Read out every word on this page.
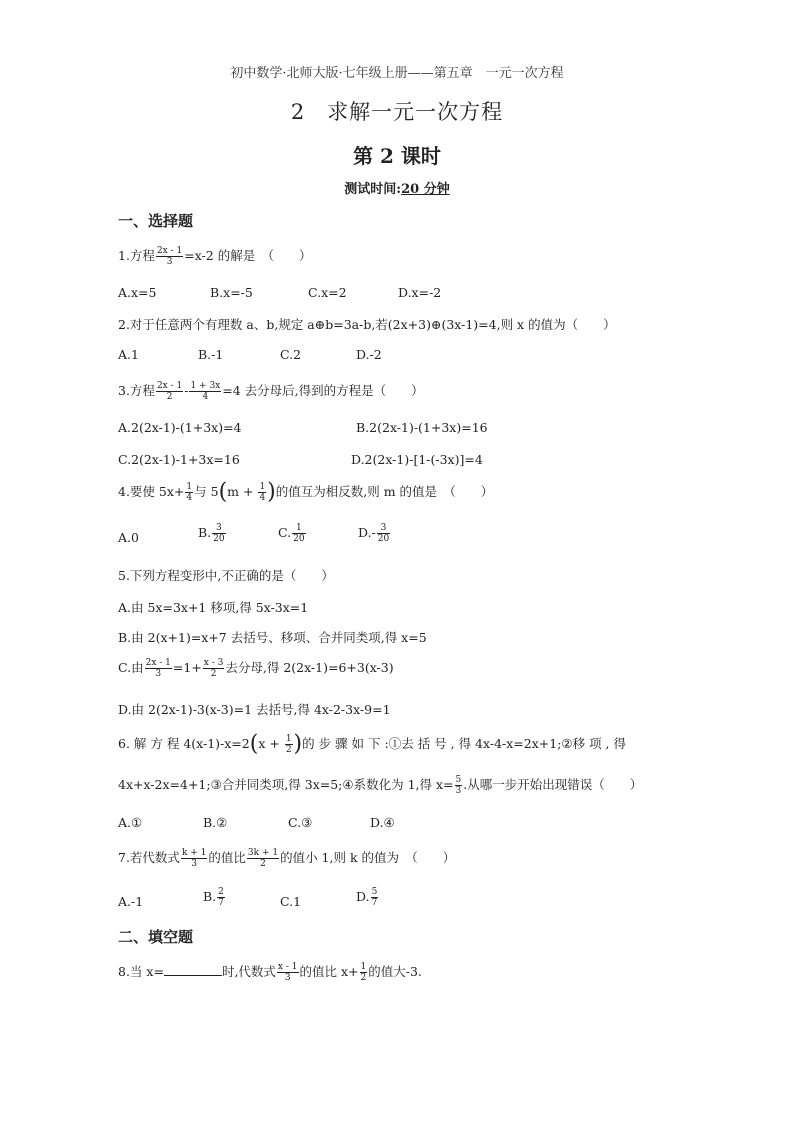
初中数学·北师大版·七年级上册——第五章　一元一次方程
2　求解一元一次方程
第 2 课时
测试时间:20 分钟
一、选择题
1.方程 $\frac{2x - 1}{3} =x-2$ 的解是　（　　）
A.x=5	B.x=-5	C.x=2	D.x=-2
2.对于任意两个有理数 a、b,规定 a⊕b=3a-b,若(2x+3)⊕(3x-1)=4,则 x 的值为（　　）
A.1	B.-1	C.2	D.-2
3.方程 $\frac{2x - 1}{2} - \frac{1 + 3x}{4} =4$ 去分母后,得到的方程是（　　）
A.2(2x-1)-(1+3x)=4	B.2(2x-1)-(1+3x)=16
C.2(2x-1)-1+3x=16	D.2(2x-1)-[1-(-3x)]=4
4.要使 $5x+ \frac{1}{4}$ 与 $5(m + \frac{1}{4}$ )的值互为相反数,则 m 的值是　（　　）
A.0	B. $\frac{3}{20}$	C. $\frac{1}{20}$	$D.- \frac{3}{20}$
5.下列方程变形中,不正确的是（　　）
A.由 5x=3x+1 移项,得 5x-3x=1
B.由 2(x+1)=x+7 去括号、移项、合并同类项,得 x=5
C.由 $\frac{2x - 1}{3} =1+ \frac{x - 3}{2}$ 去分母,得 2(2x-1)=6+3(x-3)
D.由 2(2x-1)-3(x-3)=1 去括号,得 4x-2-3x-9=1
6. 解 方 程 $4(x-1)-x=2(x + \frac{1}{2}$ )的 步 骤 如 下 :①去 括 号 , 得 4x-4-x=2x+1;②移 项 , 得
4x+x-2x=4+1;③合并同类项,得 3x=5;④系数化为 1,得 $x= \frac{5}{3}$ .从哪一步开始出现错误（　　）
A.①	B.②	C.③	D.④
7.若代数式 $\frac{k + 1}{3}$ 的值比 $\frac{3k + 1}{2}$ 的值小 1,则 k 的值为　（　　）
A.-1	B. $\frac{2}{7}$	C.1	D. $\frac{5}{7}$
二、填空题
8.当 x=	时,代数式 $\frac{x - 1}{3}$ 的值比 $x+ \frac{1}{2}$ 的值大-3.
